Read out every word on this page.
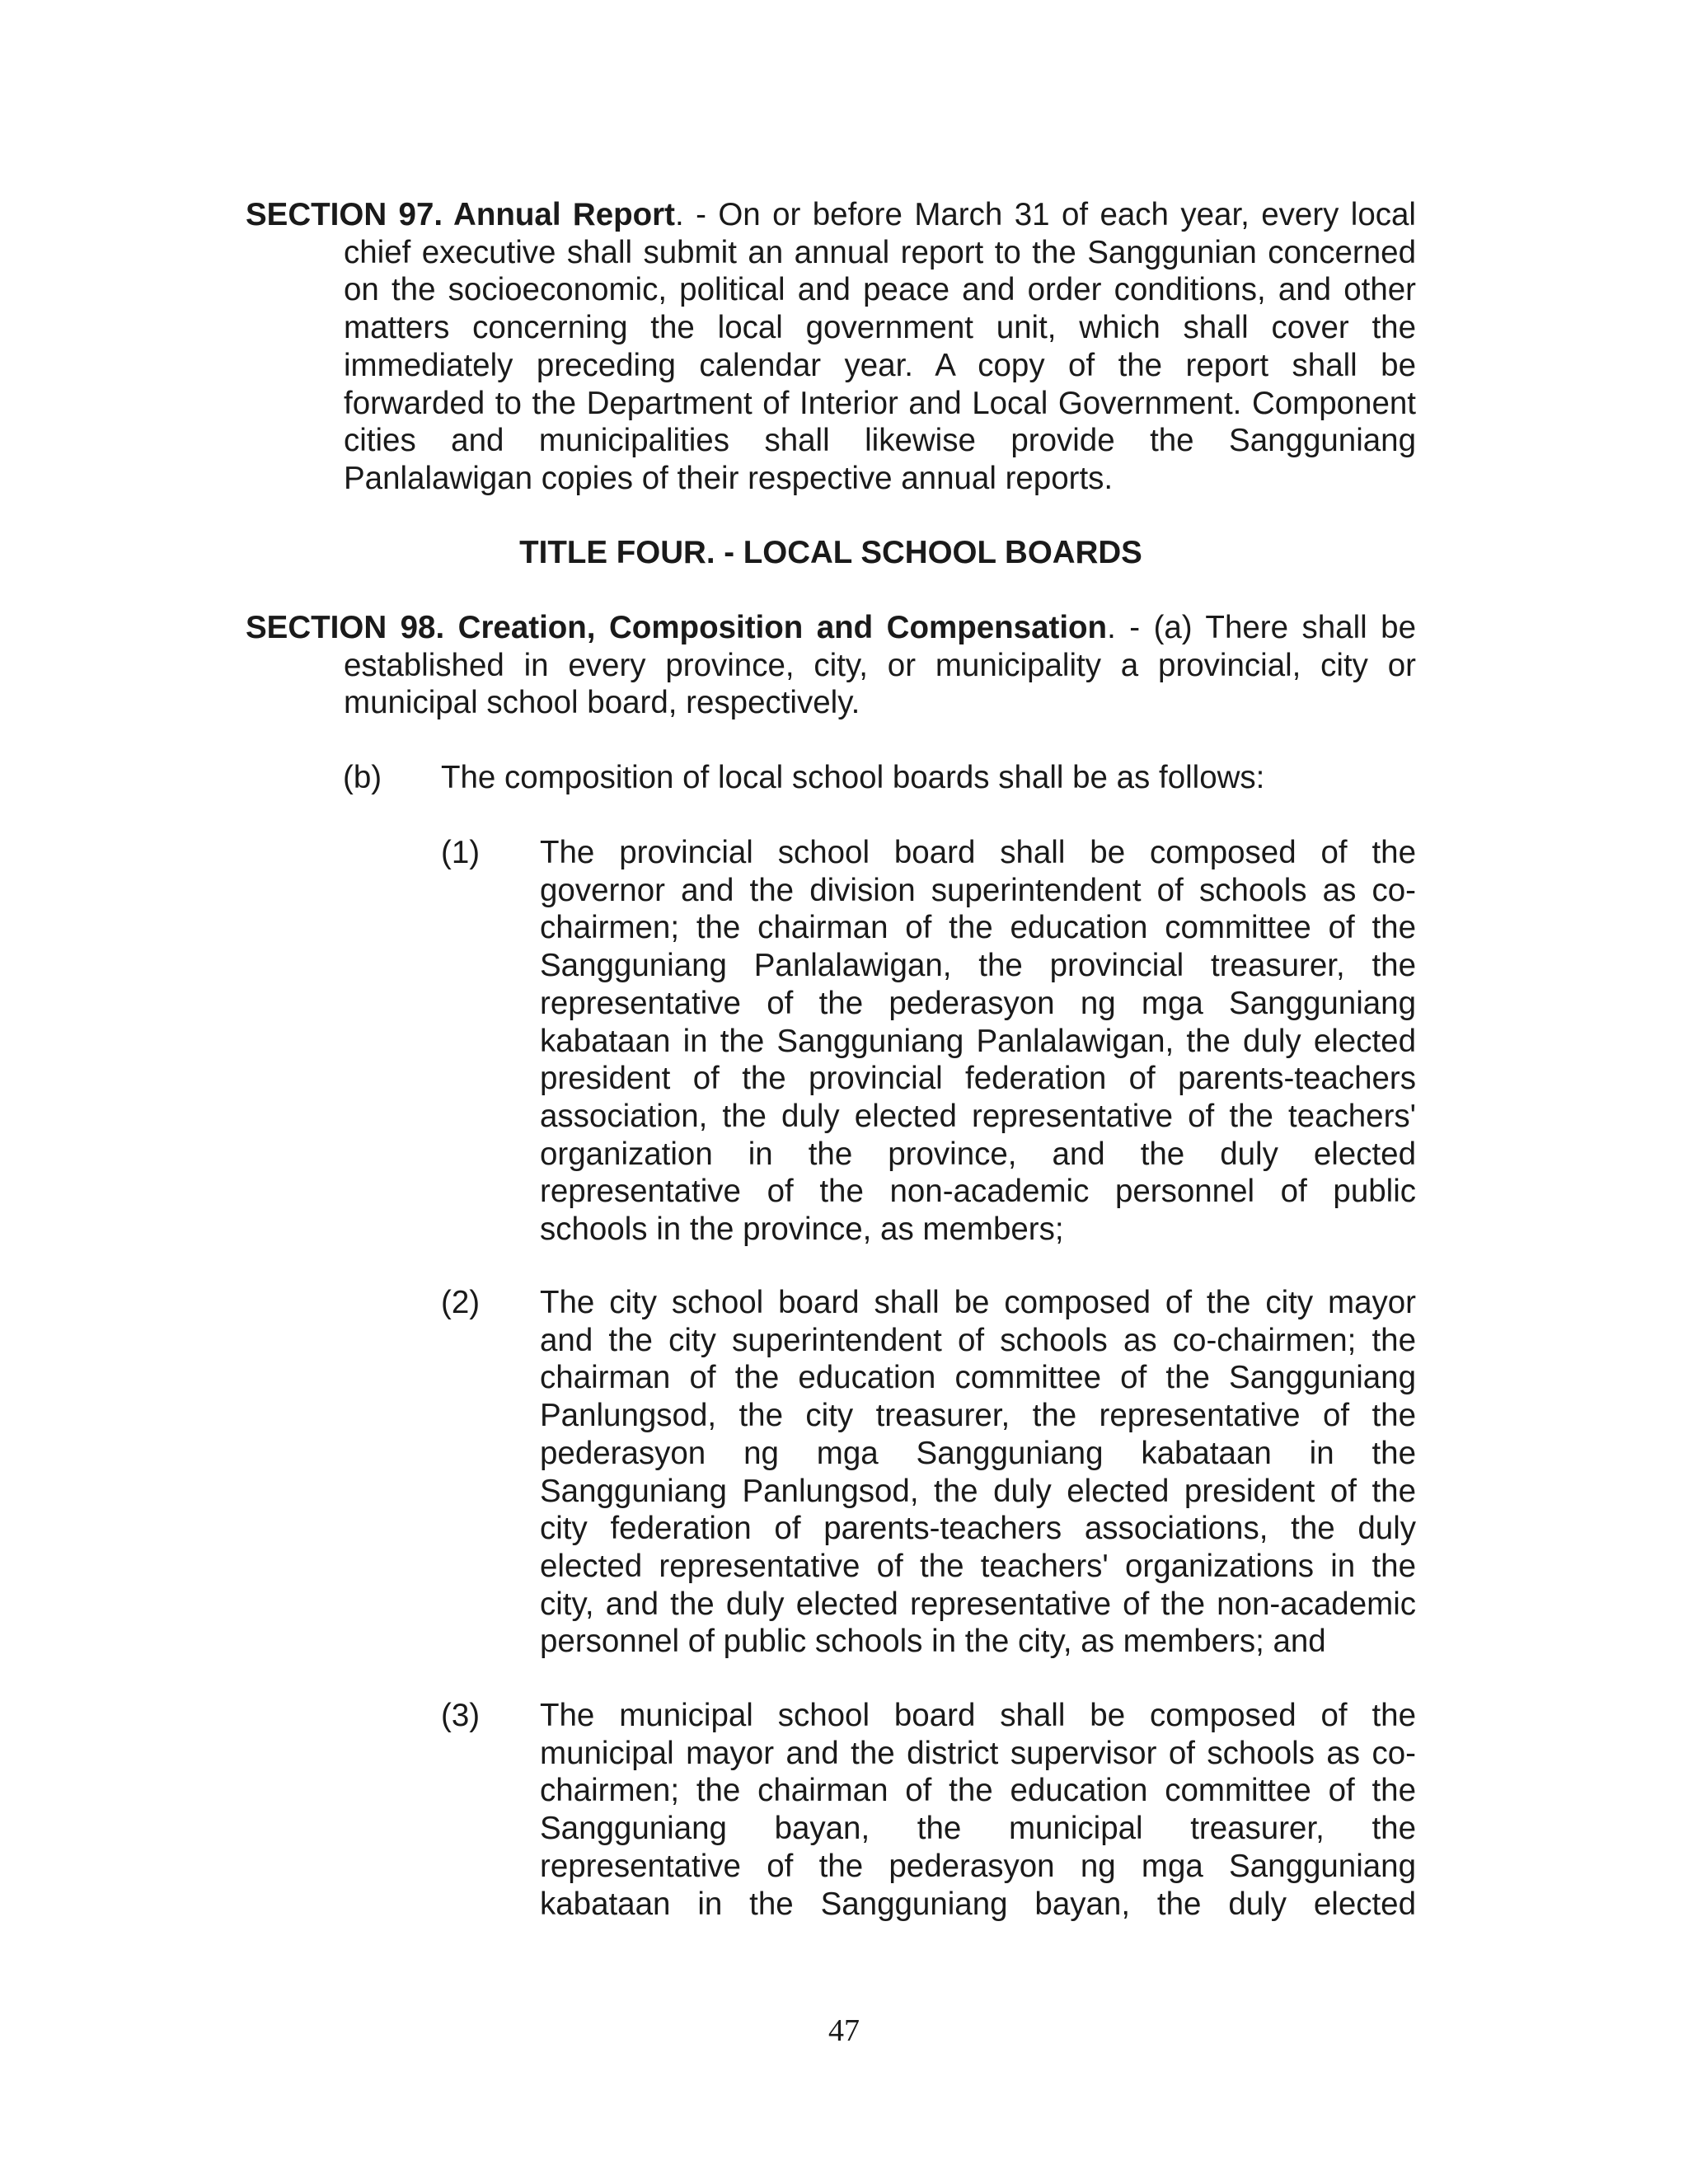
SECTION 97. Annual Report. - On or before March 31 of each year, every local chief executive shall submit an annual report to the Sanggunian concerned on the socioeconomic, political and peace and order conditions, and other matters concerning the local government unit, which shall cover the immediately preceding calendar year. A copy of the report shall be forwarded to the Department of Interior and Local Government. Component cities and municipalities shall likewise provide the Sangguniang Panlalawigan copies of their respective annual reports.

TITLE FOUR. - LOCAL SCHOOL BOARDS

SECTION 98. Creation, Composition and Compensation. - (a) There shall be established in every province, city, or municipality a provincial, city or municipal school board, respectively.

(b) The composition of local school boards shall be as follows:
(1) The provincial school board shall be composed of the governor and the division superintendent of schools as co-chairmen; the chairman of the education committee of the Sangguniang Panlalawigan, the provincial treasurer, the representative of the pederasyon ng mga Sangguniang kabataan in the Sangguniang Panlalawigan, the duly elected president of the provincial federation of parents-teachers association, the duly elected representative of the teachers' organization in the province, and the duly elected representative of the non-academic personnel of public schools in the province, as members;
(2) The city school board shall be composed of the city mayor and the city superintendent of schools as co-chairmen; the chairman of the education committee of the Sangguniang Panlungsod, the city treasurer, the representative of the pederasyon ng mga Sangguniang kabataan in the Sangguniang Panlungsod, the duly elected president of the city federation of parents-teachers associations, the duly elected representative of the teachers' organizations in the city, and the duly elected representative of the non-academic personnel of public schools in the city, as members; and
(3) The municipal school board shall be composed of the municipal mayor and the district supervisor of schools as co-chairmen; the chairman of the education committee of the Sangguniang bayan, the municipal treasurer, the representative of the pederasyon ng mga Sangguniang kabataan in the Sangguniang bayan, the duly elected
47
